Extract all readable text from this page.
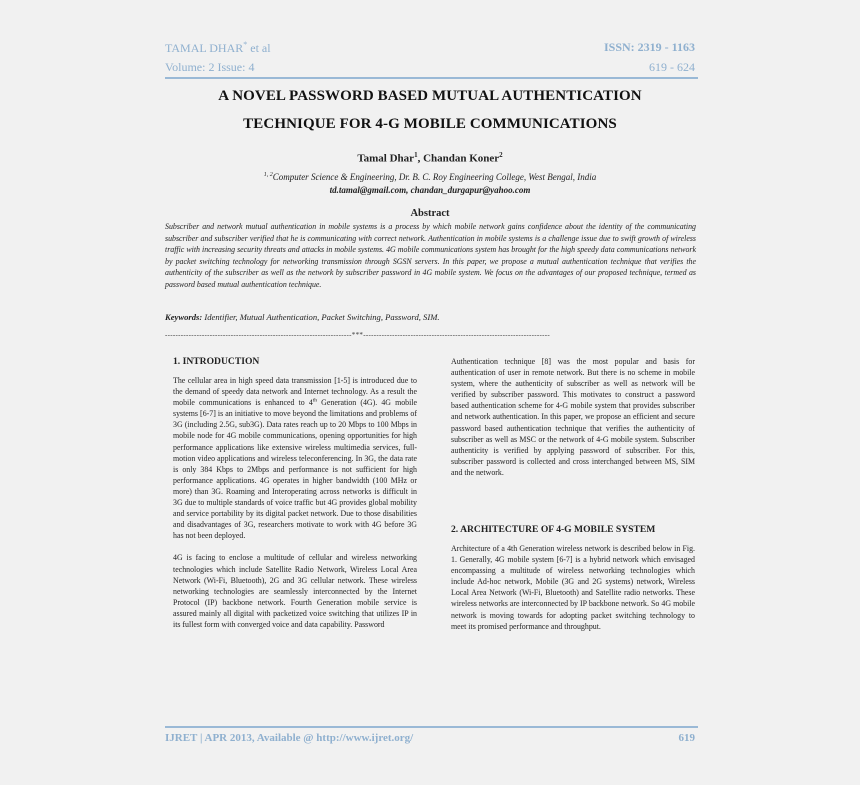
TAMAL DHAR* et al	ISSN: 2319 - 1163
Volume: 2 Issue: 4	619 - 624
A NOVEL PASSWORD BASED MUTUAL AUTHENTICATION
TECHNIQUE FOR 4-G MOBILE COMMUNICATIONS
Tamal Dhar$^1$, Chandan Koner$^2$
$^{1, 2}$Computer Science & Engineering, Dr. B. C. Roy Engineering College, West Bengal, India
td.tamal@gmail.com, chandan_durgapur@yahoo.com
Abstract
Subscriber and network mutual authentication in mobile systems is a process by which mobile network gains confidence about the identity of the communicating subscriber and subscriber verified that he is communicating with correct network. Authentication in mobile systems is a challenge issue due to swift growth of wireless traffic with increasing security threats and attacks in mobile systems. 4G mobile communications system has brought for the high speedy data communications network by packet switching technology for networking transmission through SGSN servers. In this paper, we propose a mutual authentication technique that verifies the authenticity of the subscriber as well as the network by subscriber password in 4G mobile system. We focus on the advantages of our proposed technique, termed as password based mutual authentication technique.
Keywords: Identifier, Mutual Authentication, Packet Switching, Password, SIM.
-----------------------------------------------------------------------***-----------------------------------------------------------------------
1. INTRODUCTION

The cellular area in high speed data transmission [1-5] is introduced due to the demand of speedy data network and Internet technology. As a result the mobile communications is enhanced to 4th Generation (4G). 4G mobile systems [6-7] is an initiative to move beyond the limitations and problems of 3G (including 2.5G, sub3G). Data rates reach up to 20 Mbps to 100 Mbps in mobile node for 4G mobile communications, opening opportunities for high performance applications like extensive wireless multimedia services, full-motion video applications and wireless teleconferencing. In 3G, the data rate is only 384 Kbps to 2Mbps and performance is not sufficient for high performance applications. 4G operates in higher bandwidth (100 MHz or more) than 3G. Roaming and Interoperating across networks is difficult in 3G due to multiple standards of voice traffic but 4G provides global mobility and service portability by its digital packet network. Due to those disabilities and disadvantages of 3G, researchers motivate to work with 4G before 3G has not been deployed.

4G is facing to enclose a multitude of cellular and wireless networking technologies which include Satellite Radio Network, Wireless Local Area Network (Wi-Fi, Bluetooth), 2G and 3G cellular network. These wireless networking technologies are seamlessly interconnected by the Internet Protocol (IP) backbone network. Fourth Generation mobile service is assured mainly all digital with packetized voice switching that utilizes IP in its fullest form with converged voice and data capability. Password

Authentication technique [8] was the most popular and basis for authentication of user in remote network. But there is no scheme in mobile system, where the authenticity of subscriber as well as network will be verified by subscriber password. This motivates to construct a password based authentication scheme for 4-G mobile system that provides subscriber and network authentication. In this paper, we propose an efficient and secure password based authentication technique that verifies the authenticity of subscriber as well as MSC or the network of 4-G mobile system. Subscriber authenticity is verified by applying password of subscriber. For this, subscriber password is collected and cross interchanged between MS, SIM and the network.

2. ARCHITECTURE OF 4-G MOBILE SYSTEM

Architecture of a 4th Generation wireless network is described below in Fig. 1. Generally, 4G mobile system [6-7] is a hybrid network which envisaged encompassing a multitude of wireless networking technologies which include Ad-hoc network, Mobile (3G and 2G systems) network, Wireless Local Area Network (Wi-Fi, Bluetooth) and Satellite radio networks. These wireless networks are interconnected by IP backbone network. So 4G mobile network is moving towards for adopting packet switching technology to meet its promised performance and throughput.

IJRET | APR 2013, Available @ http://www.ijret.org/	619
